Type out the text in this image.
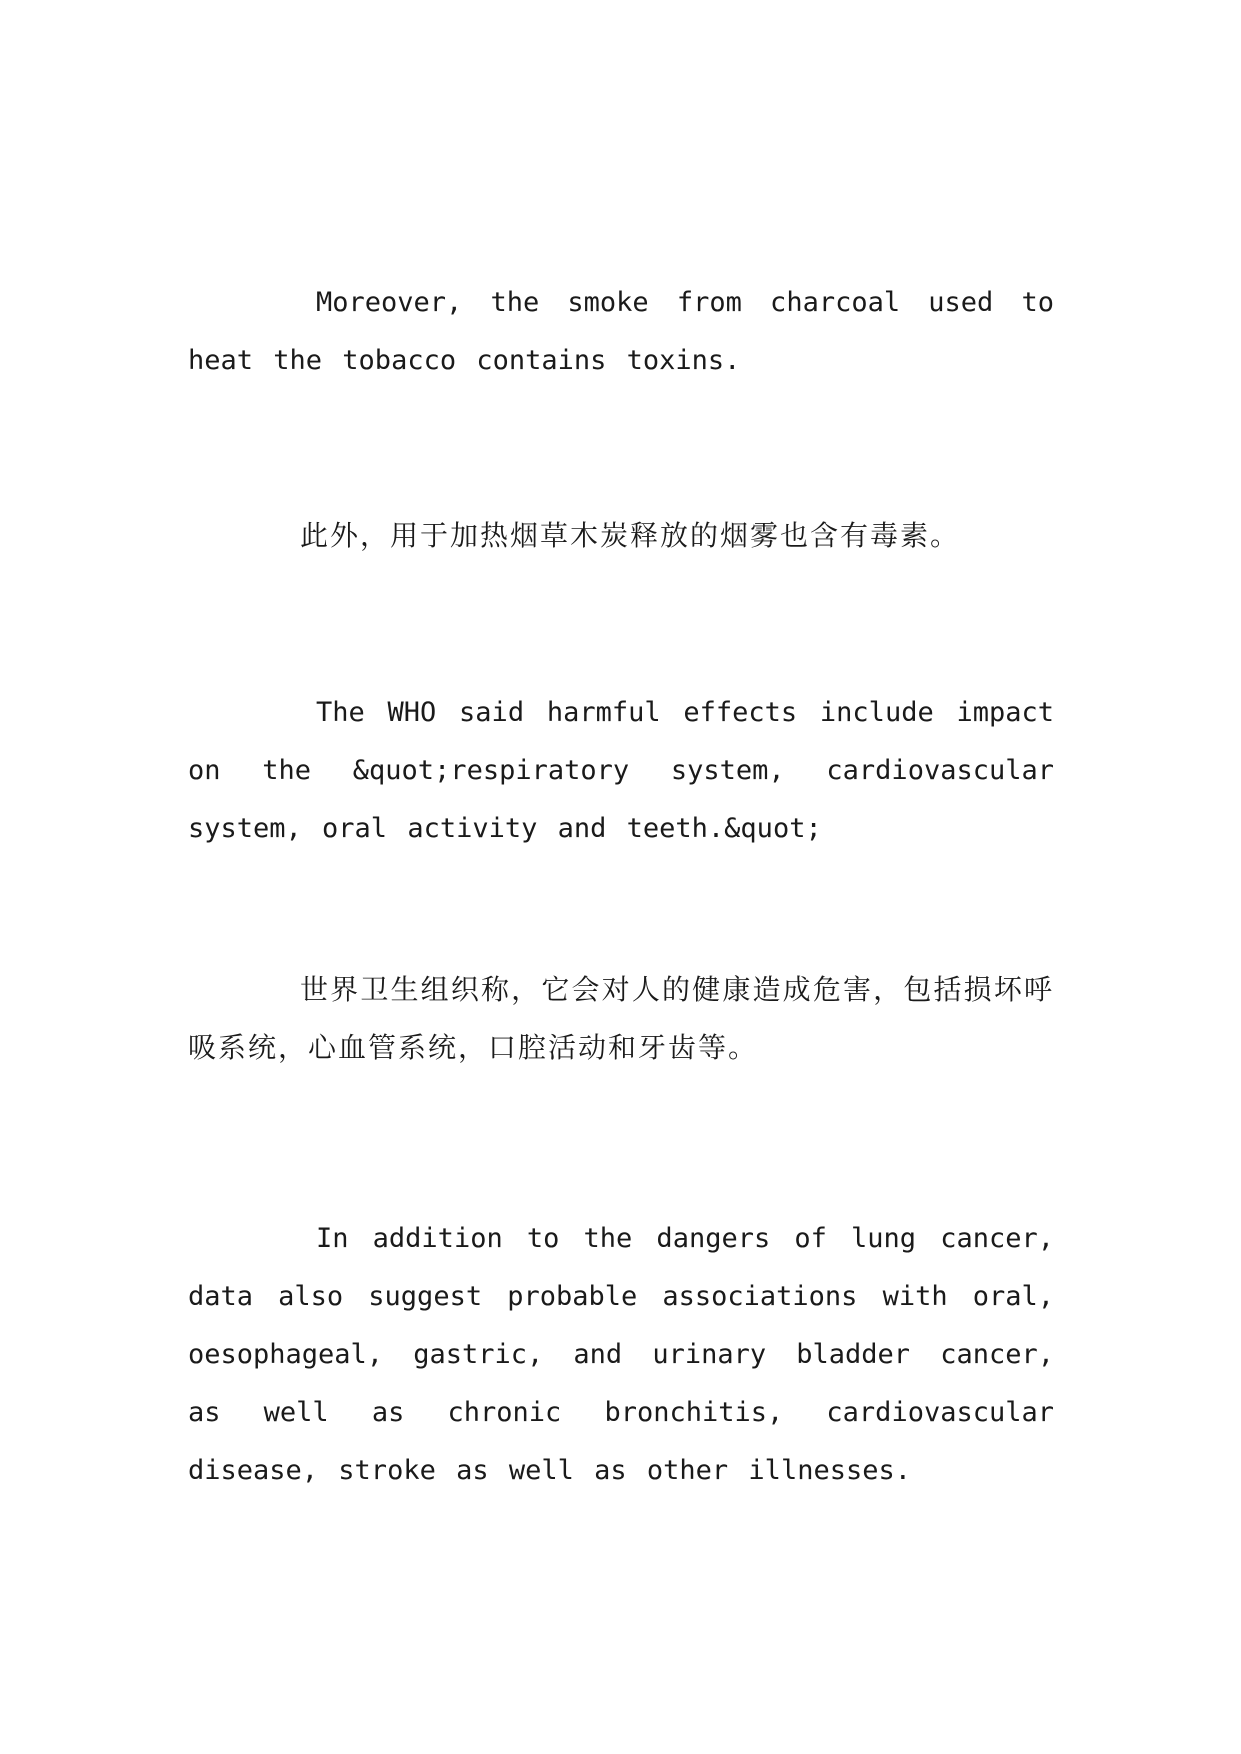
Moreover, the smoke from charcoal used to heat the tobacco contains toxins.

此外，用于加热烟草木炭释放的烟雾也含有毒素。

The WHO said harmful effects include impact on the &quot;respiratory system, cardiovascular system, oral activity and teeth.&quot;

世界卫生组织称，它会对人的健康造成危害，包括损坏呼吸系统，心血管系统，口腔活动和牙齿等。

In addition to the dangers of lung cancer, data also suggest probable associations with oral, oesophageal, gastric, and urinary bladder cancer, as well as chronic bronchitis, cardiovascular disease, stroke as well as other illnesses.
